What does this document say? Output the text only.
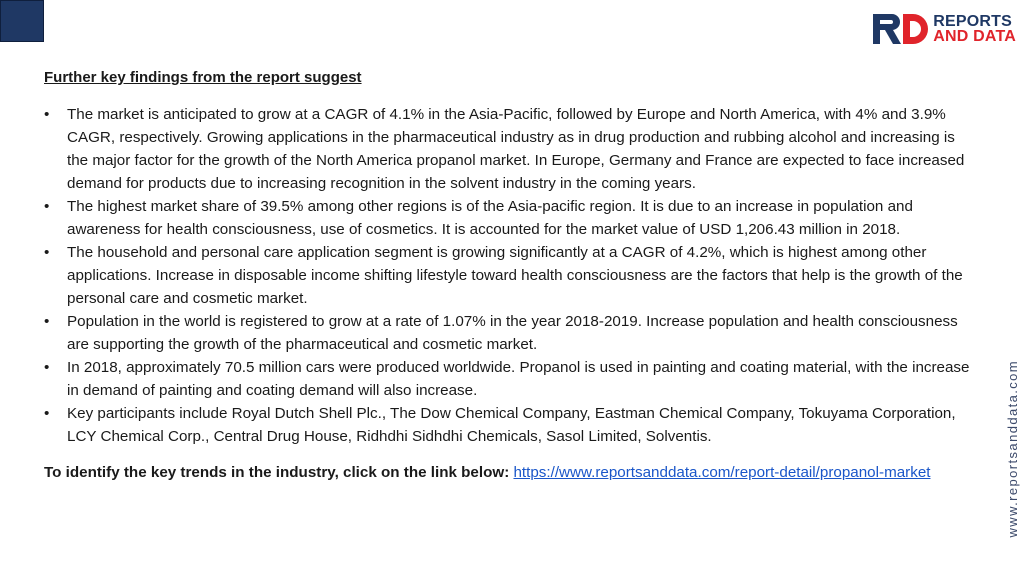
REPORTS
AND DATA
Further key findings from the report suggest
•	The market is anticipated to grow at a CAGR of 4.1% in the Asia-Pacific, followed by Europe and North America, with 4% and 3.9% CAGR, respectively. Growing applications in the pharmaceutical industry as in drug production and rubbing alcohol and increasing is the major factor for the growth of the North America propanol market. In Europe, Germany and France are expected to face increased demand for products due to increasing recognition in the solvent industry in the coming years.
•	The highest market share of 39.5% among other regions is of the Asia-pacific region. It is due to an increase in population and awareness for health consciousness, use of cosmetics. It is accounted for the market value of USD 1,206.43 million in 2018.
•	The household and personal care application segment is growing significantly at a CAGR of 4.2%, which is highest among other applications. Increase in disposable income shifting lifestyle toward health consciousness are the factors that help is the growth of the personal care and cosmetic market.
•	Population in the world is registered to grow at a rate of 1.07% in the year 2018-2019. Increase population and health consciousness are supporting the growth of the pharmaceutical and cosmetic market.
•	In 2018, approximately 70.5 million cars were produced worldwide. Propanol is used in painting and coating material, with the increase in demand of painting and coating demand will also increase.
•	Key participants include Royal Dutch Shell Plc., The Dow Chemical Company, Eastman Chemical Company, Tokuyama Corporation, LCY Chemical Corp., Central Drug House, Ridhdhi Sidhdhi Chemicals, Sasol Limited, Solventis.
To identify the key trends in the industry, click on the link below: https://www.reportsanddata.com/report-detail/propanol-market	www.reportsanddata.com
